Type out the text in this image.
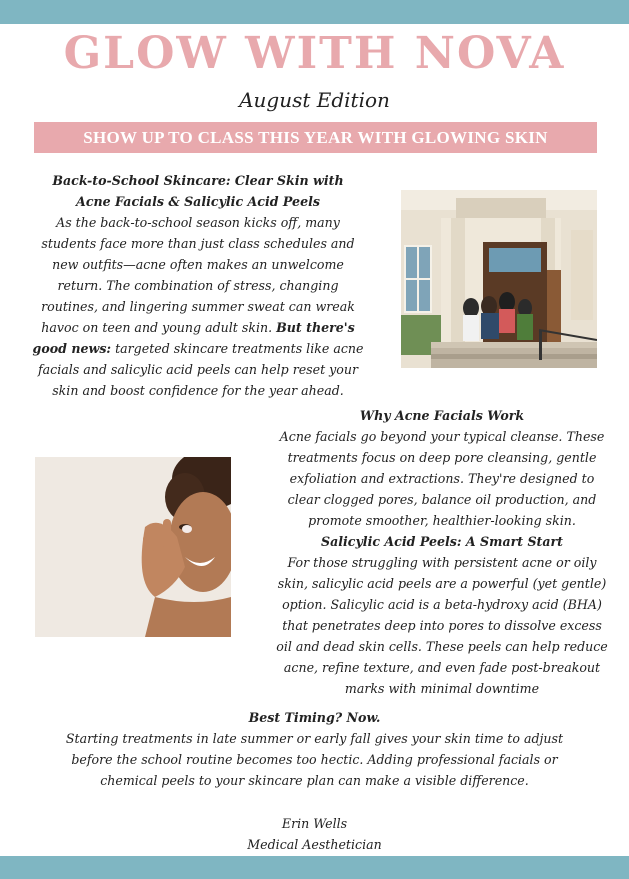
GLOW WITH NOVA
August Edition
SHOW UP TO CLASS THIS YEAR WITH GLOWING SKIN
Back-to-School Skincare: Clear Skin with
Acne Facials & Salicylic Acid Peels
As the back-to-school season kicks off, many
students face more than just class schedules and
new outfits—acne often makes an unwelcome
return. The combination of stress, changing
routines, and lingering summer sweat can wreak
havoc on teen and young adult skin. But there's
good news: targeted skincare treatments like acne
facials and salicylic acid peels can help reset your
skin and boost confidence for the year ahead.
Why Acne Facials Work
Acne facials go beyond your typical cleanse. These
treatments focus on deep pore cleansing, gentle
exfoliation and extractions. They're designed to
clear clogged pores, balance oil production, and
promote smoother, healthier-looking skin.
Salicylic Acid Peels: A Smart Start
For those struggling with persistent acne or oily
skin, salicylic acid peels are a powerful (yet gentle)
option. Salicylic acid is a beta-hydroxy acid (BHA)
that penetrates deep into pores to dissolve excess
oil and dead skin cells. These peels can help reduce
acne, refine texture, and even fade post-breakout
marks with minimal downtime
Best Timing? Now.
Starting treatments in late summer or early fall gives your skin time to adjust
before the school routine becomes too hectic. Adding professional facials or
chemical peels to your skincare plan can make a visible difference.
Erin Wells
Medical Aesthetician
